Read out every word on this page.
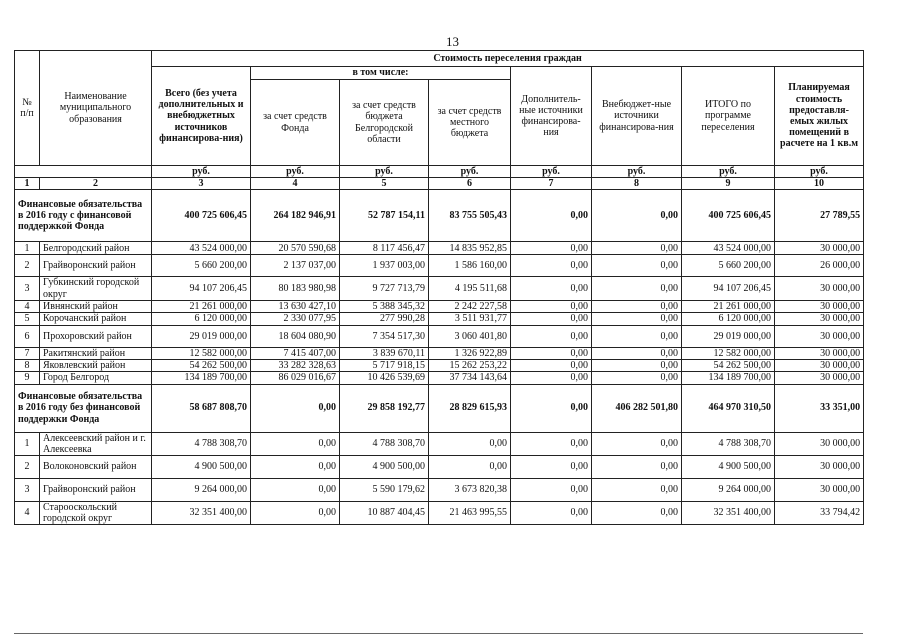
13
№ п/п	Наименование муниципального образования	Стоимость переселения граждан							
		Всего (без учета дополнительных и внебюджетных источников финансирова-ния)	в том числе:			Дополнитель-ные источники финансирова-ния	Внебюджет-ные источники финансирова-ния	ИТОГО по программе переселения	Планируемая стоимость предоставля-емых жилых помещений в расчете на 1 кв.м
			за счет средств Фонда	за счет средств бюджета Белгородской области	за счет средств местного бюджета				
		руб.	руб.	руб.	руб.	руб.	руб.	руб.	руб.
1	2	3	4	5	6	7	8	9	10
Финансовые обязательства в 2016 году с финансовой поддержкой Фонда		400 725 606,45	264 182 946,91	52 787 154,11	83 755 505,43	0,00	0,00	400 725 606,45	27 789,55
1	Белгородский район	43 524 000,00	20 570 590,68	8 117 456,47	14 835 952,85	0,00	0,00	43 524 000,00	30 000,00
2	Грайворонский район	5 660 200,00	2 137 037,00	1 937 003,00	1 586 160,00	0,00	0,00	5 660 200,00	26 000,00
3	Губкинский городской округ	94 107 206,45	80 183 980,98	9 727 713,79	4 195 511,68	0,00	0,00	94 107 206,45	30 000,00
4	Ивнянский район	21 261 000,00	13 630 427,10	5 388 345,32	2 242 227,58	0,00	0,00	21 261 000,00	30 000,00
5	Корочанский район	6 120 000,00	2 330 077,95	277 990,28	3 511 931,77	0,00	0,00	6 120 000,00	30 000,00
6	Прохоровский район	29 019 000,00	18 604 080,90	7 354 517,30	3 060 401,80	0,00	0,00	29 019 000,00	30 000,00
7	Ракитянский район	12 582 000,00	7 415 407,00	3 839 670,11	1 326 922,89	0,00	0,00	12 582 000,00	30 000,00
8	Яковлевский район	54 262 500,00	33 282 328,63	5 717 918,15	15 262 253,22	0,00	0,00	54 262 500,00	30 000,00
9	Город Белгород	134 189 700,00	86 029 016,67	10 426 539,69	37 734 143,64	0,00	0,00	134 189 700,00	30 000,00
Финансовые обязательства в 2016 году без финансовой поддержки Фонда		58 687 808,70	0,00	29 858 192,77	28 829 615,93	0,00	406 282 501,80	464 970 310,50	33 351,00
1	Алексеевский район и г. Алексеевка	4 788 308,70	0,00	4 788 308,70	0,00	0,00	0,00	4 788 308,70	30 000,00
2	Волоконовский район	4 900 500,00	0,00	4 900 500,00	0,00	0,00	0,00	4 900 500,00	30 000,00
3	Грайворонский район	9 264 000,00	0,00	5 590 179,62	3 673 820,38	0,00	0,00	9 264 000,00	30 000,00
4	Старооскольский городской округ	32 351 400,00	0,00	10 887 404,45	21 463 995,55	0,00	0,00	32 351 400,00	33 794,42
